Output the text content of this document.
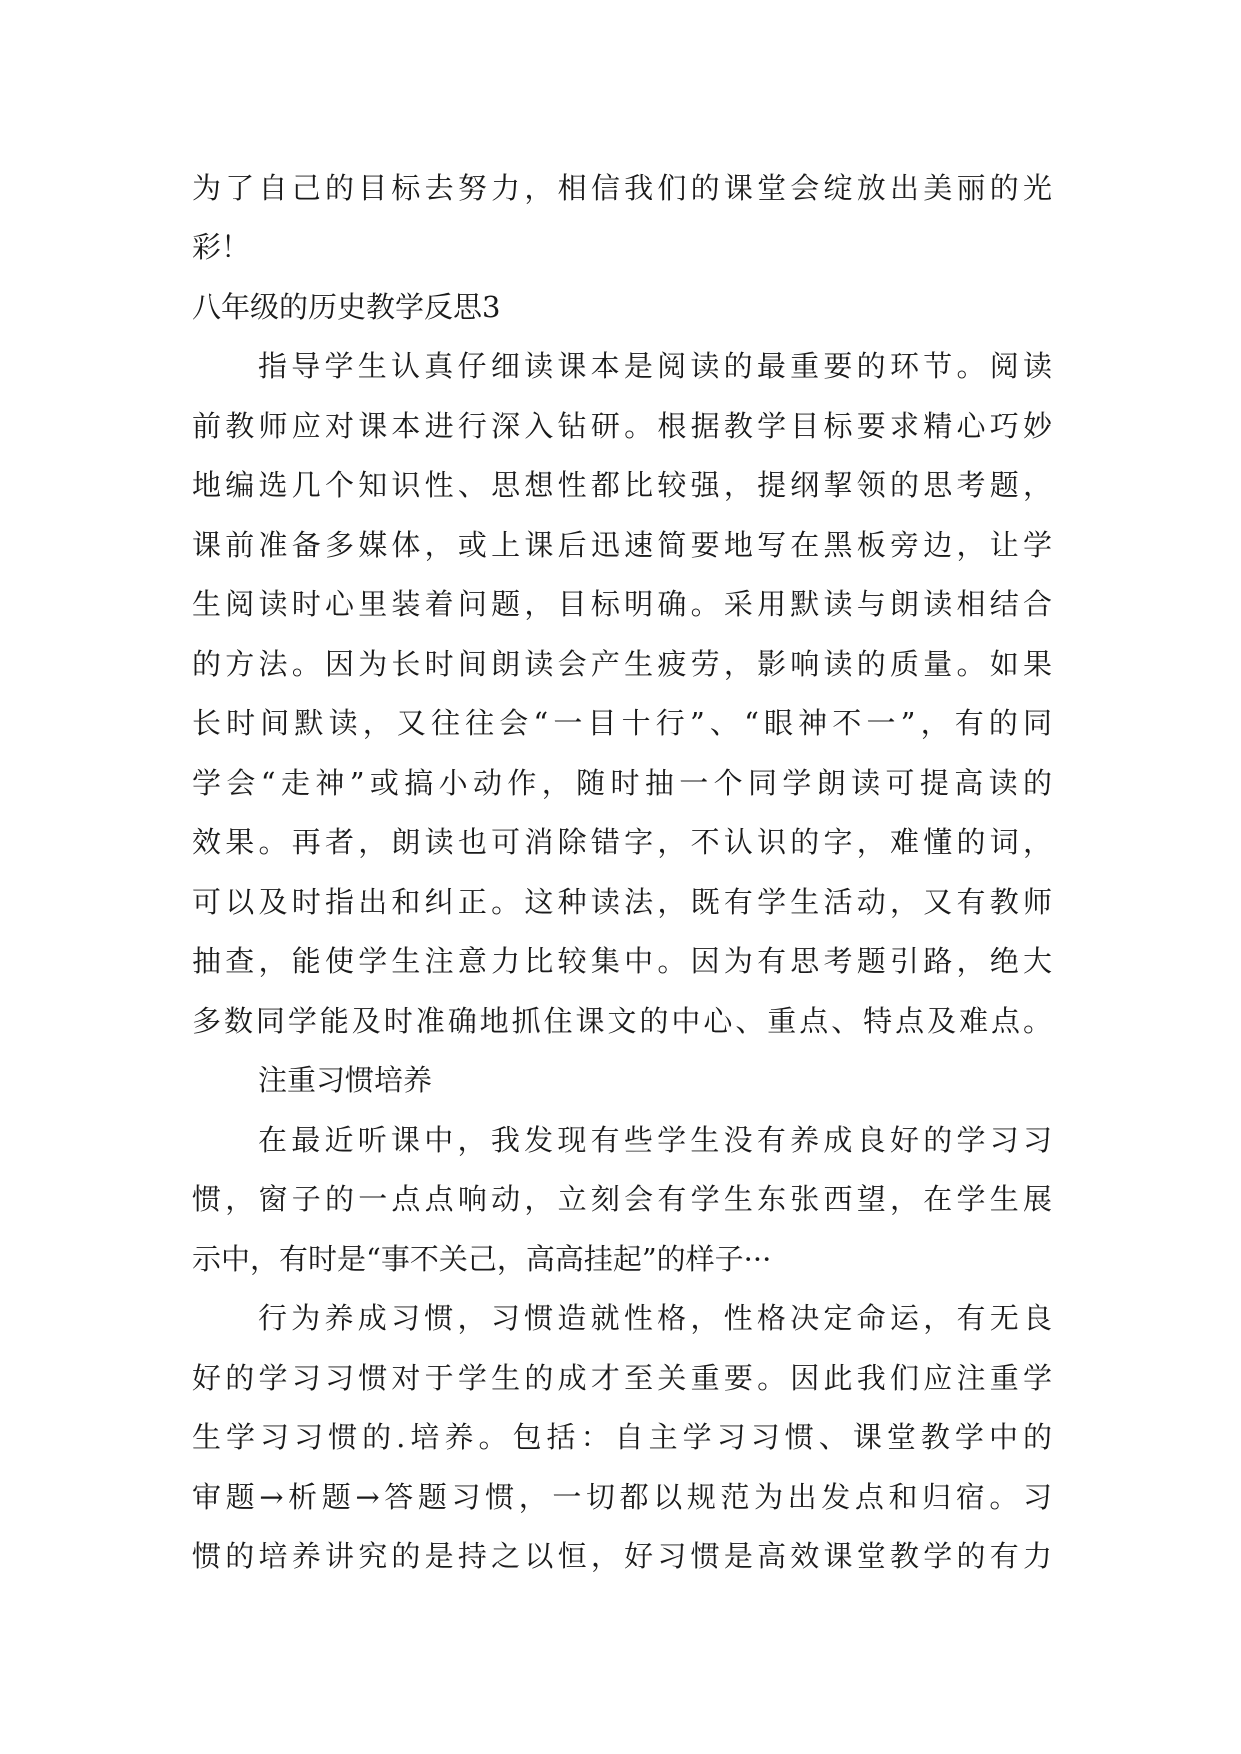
为了自己的目标去努力，相信我们的课堂会绽放出美丽的光
彩！
八年级的历史教学反思3
指导学生认真仔细读课本是阅读的最重要的环节。阅读
前教师应对课本进行深入钻研。根据教学目标要求精心巧妙
地编选几个知识性、思想性都比较强，提纲挈领的思考题，
课前准备多媒体，或上课后迅速简要地写在黑板旁边，让学
生阅读时心里装着问题，目标明确。采用默读与朗读相结合
的方法。因为长时间朗读会产生疲劳，影响读的质量。如果
长时间默读，又往往会“一目十行”、“眼神不一”，有的同
学会“走神”或搞小动作，随时抽一个同学朗读可提高读的
效果。再者，朗读也可消除错字，不认识的字，难懂的词，
可以及时指出和纠正。这种读法，既有学生活动，又有教师
抽查，能使学生注意力比较集中。因为有思考题引路，绝大
多数同学能及时准确地抓住课文的中心、重点、特点及难点。
注重习惯培养
在最近听课中，我发现有些学生没有养成良好的学习习
惯，窗子的一点点响动，立刻会有学生东张西望，在学生展
示中，有时是“事不关己，高高挂起”的样子···
行为养成习惯，习惯造就性格，性格决定命运，有无良
好的学习习惯对于学生的成才至关重要。因此我们应注重学
生学习习惯的.培养。包括：自主学习习惯、课堂教学中的
审题→析题→答题习惯，一切都以规范为出发点和归宿。习
惯的培养讲究的是持之以恒，好习惯是高效课堂教学的有力
